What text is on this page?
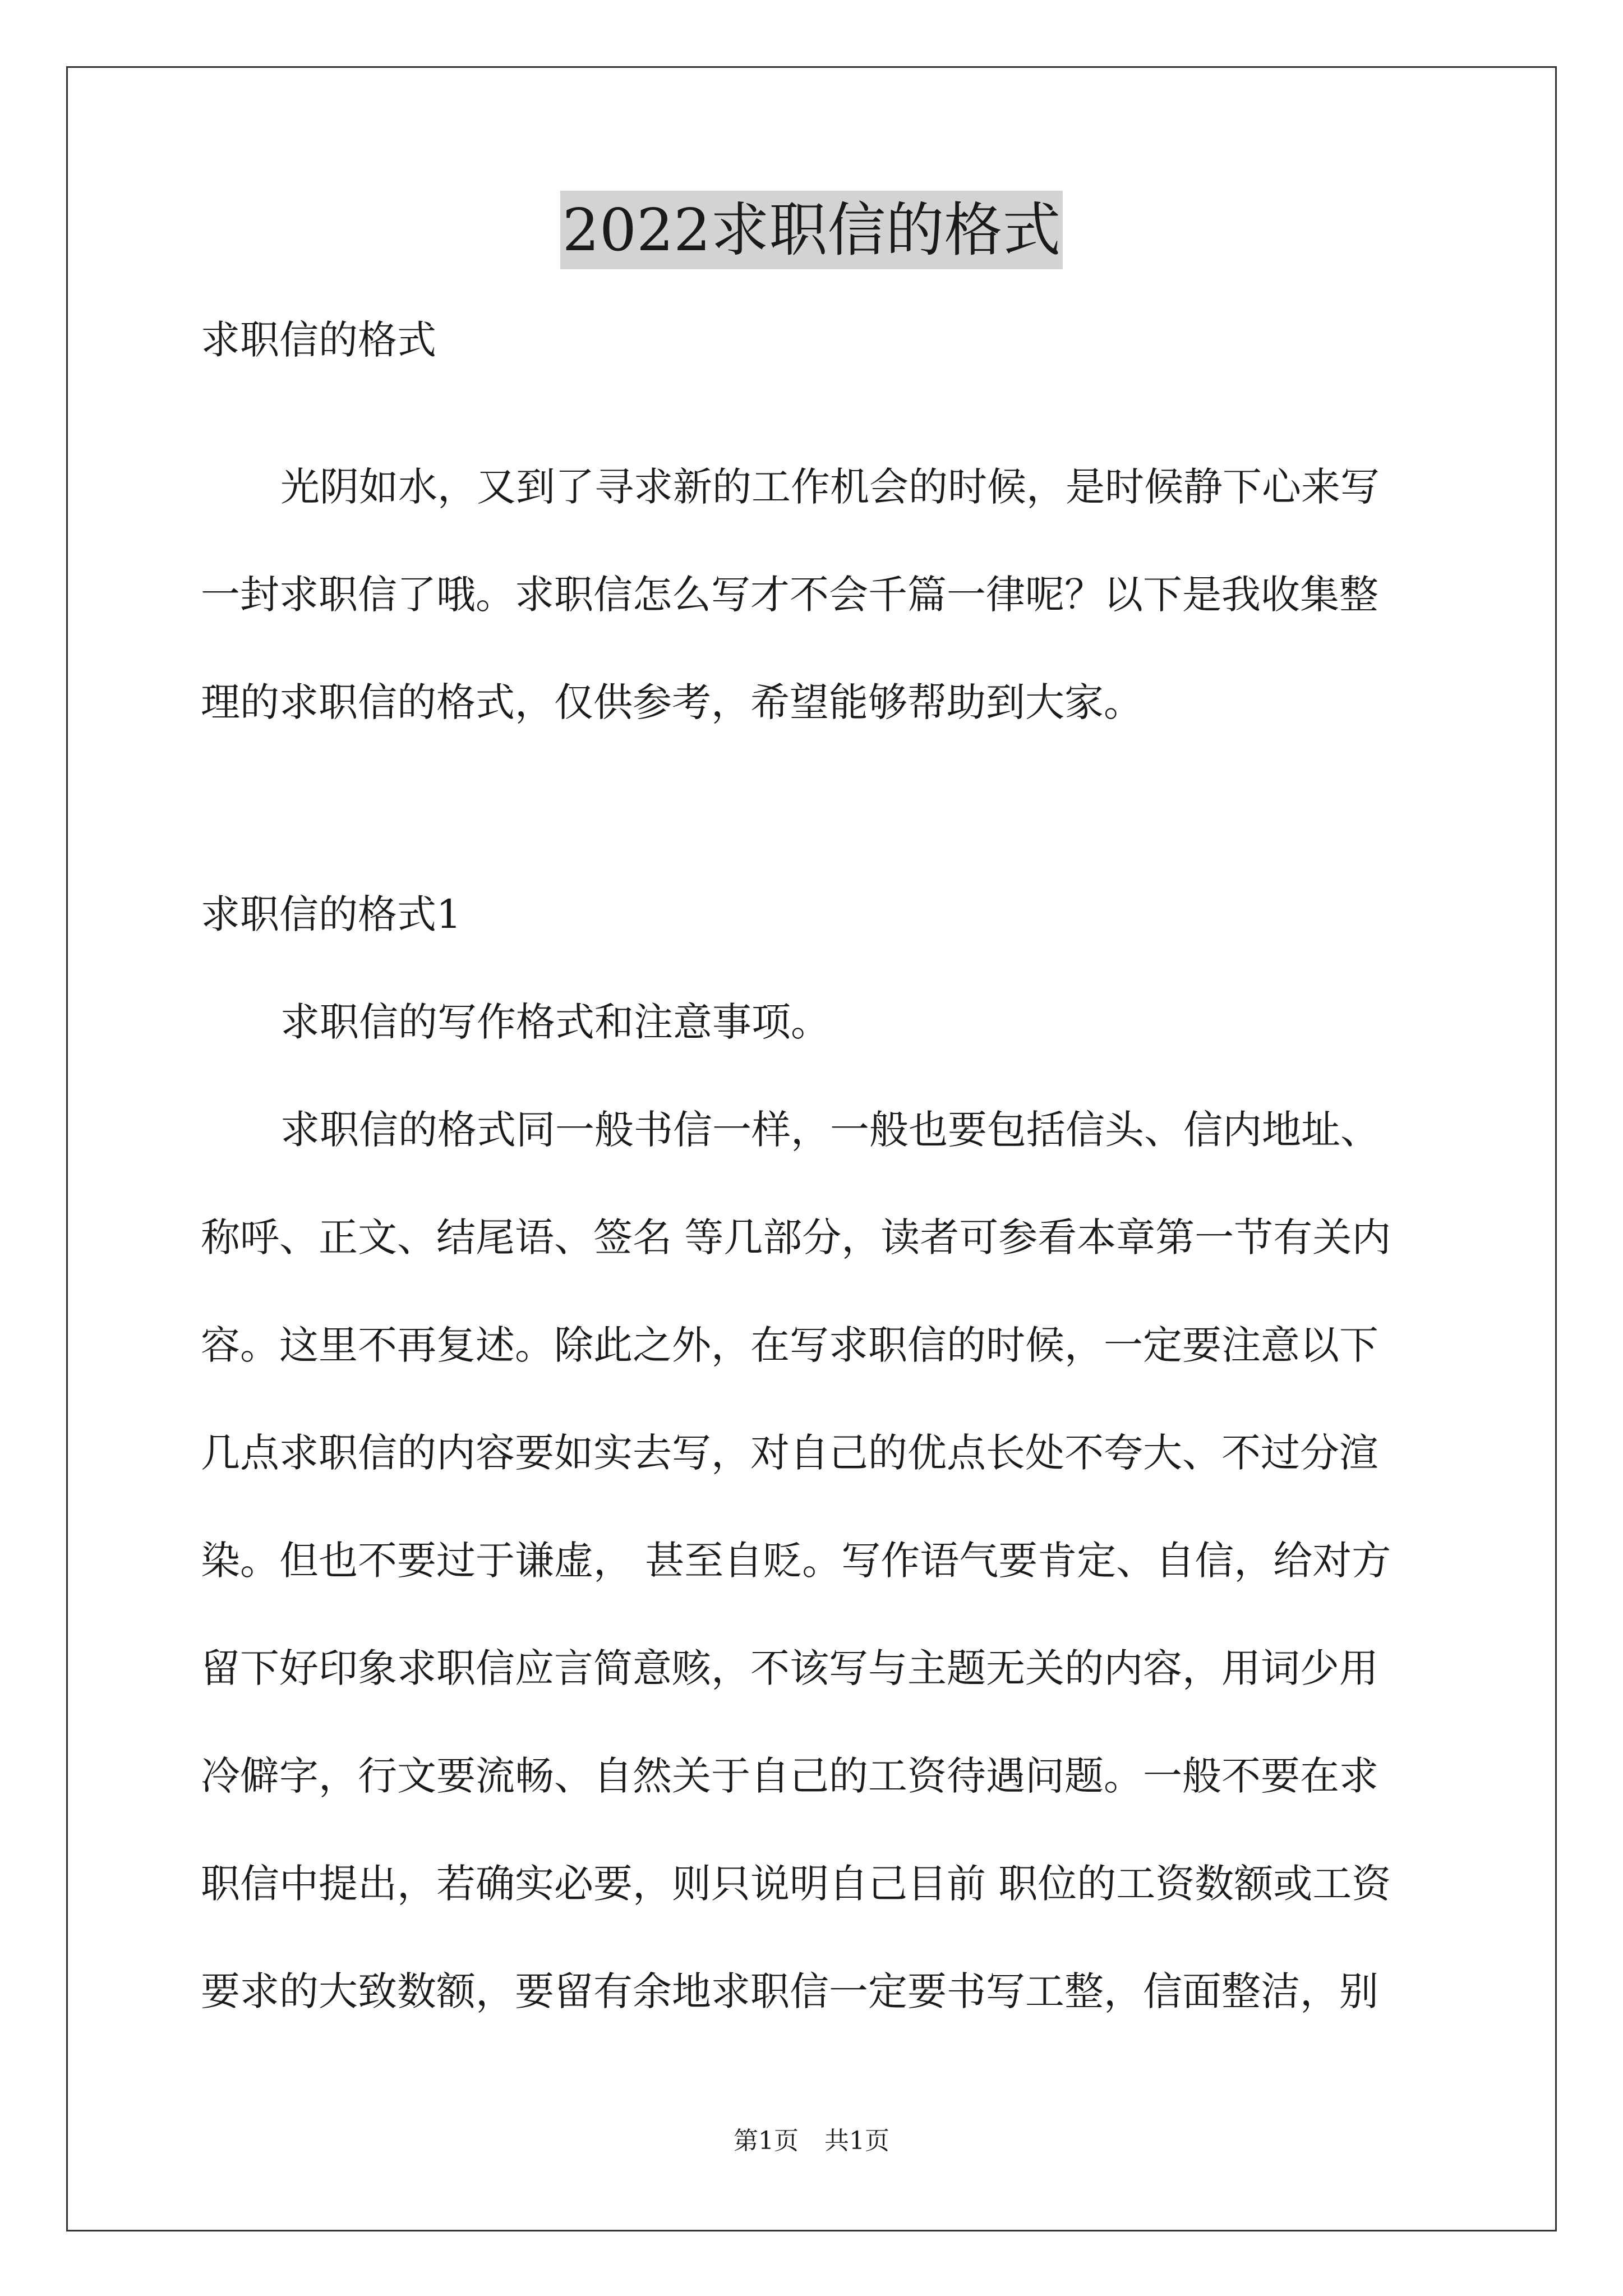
2022求职信的格式
求职信的格式
光阴如水，又到了寻求新的工作机会的时候，是时候静下心来写
一封求职信了哦。求职信怎么写才不会千篇一律呢？以下是我收集整
理的求职信的格式，仅供参考，希望能够帮助到大家。
求职信的格式1
求职信的写作格式和注意事项。
求职信的格式同一般书信一样，一般也要包括信头、信内地址、
称呼、正文、结尾语、签名 等几部分，读者可参看本章第一节有关内
容。这里不再复述。除此之外，在写求职信的时候，一定要注意以下
几点求职信的内容要如实去写，对自己的优点长处不夸大、不过分渲
染。但也不要过于谦虚， 甚至自贬。写作语气要肯定、自信，给对方
留下好印象求职信应言简意赅，不该写与主题无关的内容，用词少用
冷僻字，行文要流畅、自然关于自己的工资待遇问题。一般不要在求
职信中提出，若确实必要，则只说明自己目前 职位的工资数额或工资
要求的大致数额，要留有余地求职信一定要书写工整，信面整洁，别
第1页 共1页
